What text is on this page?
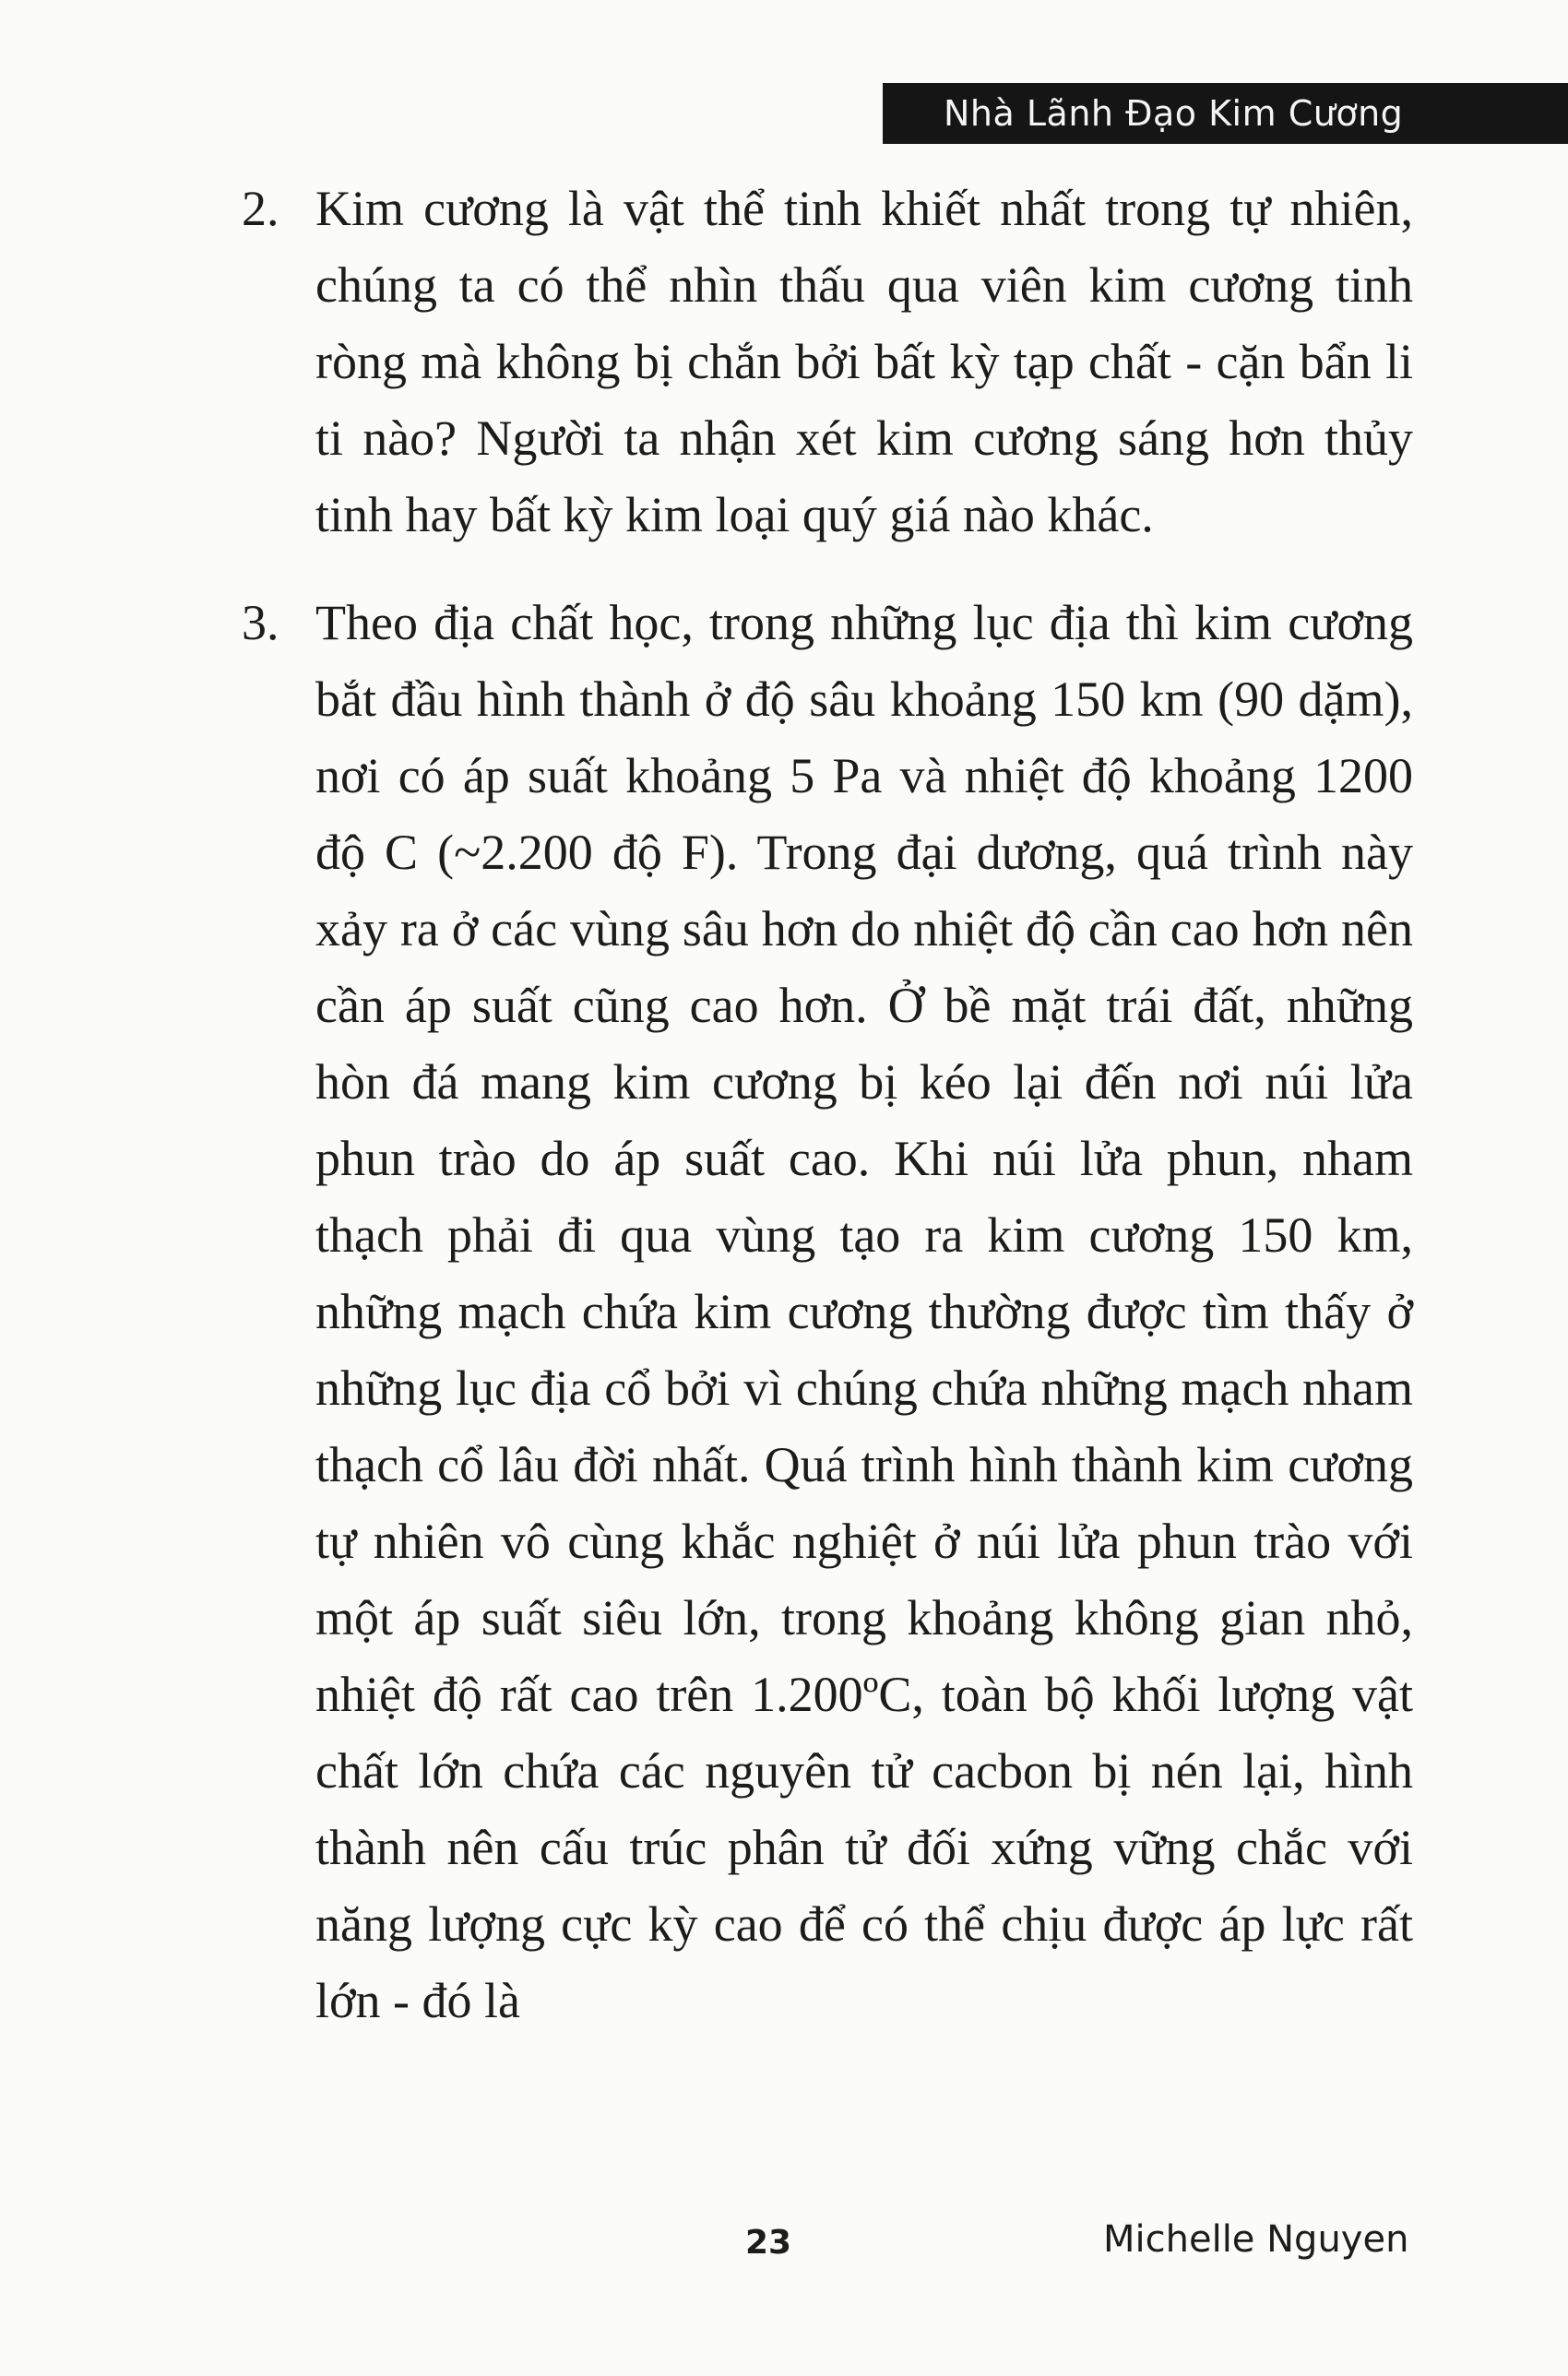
Nhà Lãnh Đạo Kim Cương
2. Kim cương là vật thể tinh khiết nhất trong tự nhiên, chúng ta có thể nhìn thấu qua viên kim cương tinh ròng mà không bị chắn bởi bất kỳ tạp chất - cặn bẩn li ti nào? Người ta nhận xét kim cương sáng hơn thủy tinh hay bất kỳ kim loại quý giá nào khác.
3. Theo địa chất học, trong những lục địa thì kim cương bắt đầu hình thành ở độ sâu khoảng 150 km (90 dặm), nơi có áp suất khoảng 5 Pa và nhiệt độ khoảng 1200 độ C (~2.200 độ F). Trong đại dương, quá trình này xảy ra ở các vùng sâu hơn do nhiệt độ cần cao hơn nên cần áp suất cũng cao hơn. Ở bề mặt trái đất, những hòn đá mang kim cương bị kéo lại đến nơi núi lửa phun trào do áp suất cao. Khi núi lửa phun, nham thạch phải đi qua vùng tạo ra kim cương 150 km, những mạch chứa kim cương thường được tìm thấy ở những lục địa cổ bởi vì chúng chứa những mạch nham thạch cổ lâu đời nhất. Quá trình hình thành kim cương tự nhiên vô cùng khắc nghiệt ở núi lửa phun trào với một áp suất siêu lớn, trong khoảng không gian nhỏ, nhiệt độ rất cao trên 1.200ºC, toàn bộ khối lượng vật chất lớn chứa các nguyên tử cacbon bị nén lại, hình thành nên cấu trúc phân tử đối xứng vững chắc với năng lượng cực kỳ cao để có thể chịu được áp lực rất lớn - đó là
23	Michelle Nguyen
